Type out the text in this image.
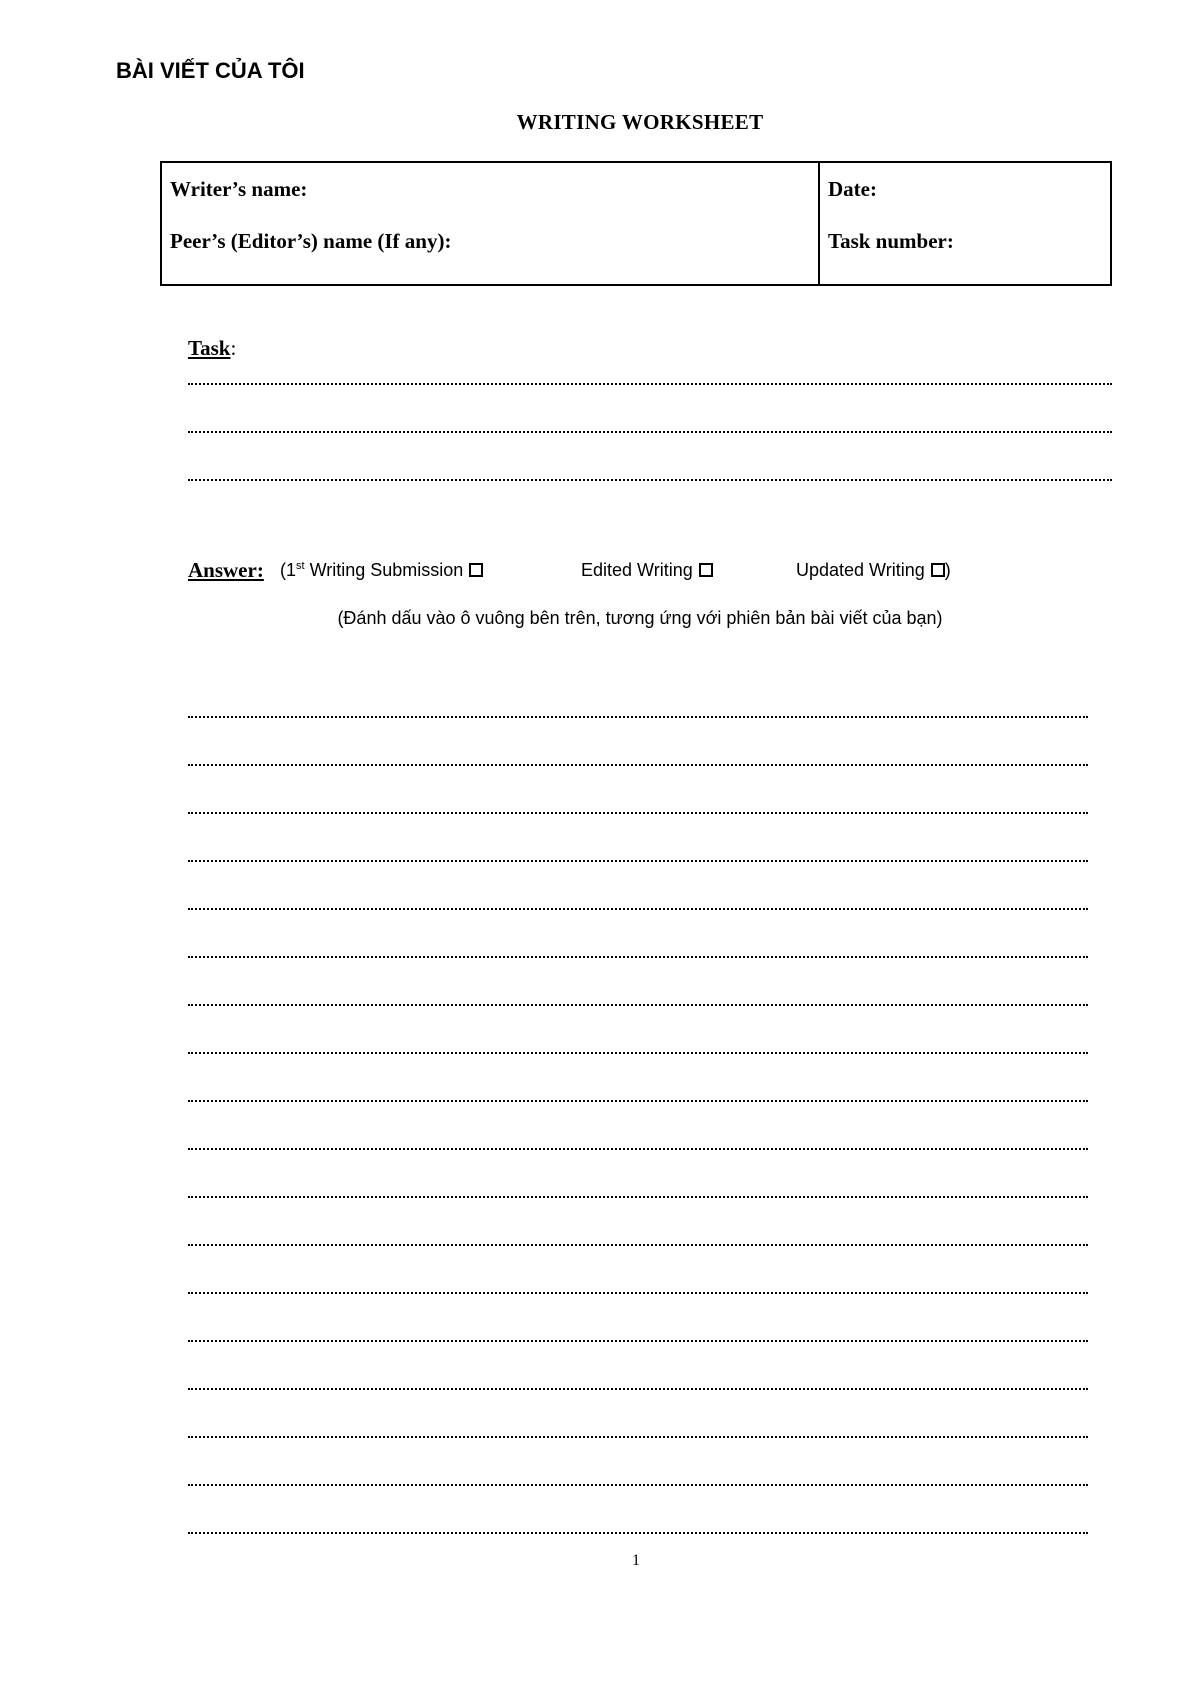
BÀI VIẾT CỦA TÔI
WRITING WORKSHEET
Writer’s name:
Peer’s (Editor’s) name (If any):
Date:
Task number:
Task:
Answer: (1st Writing Submission	Edited Writing	Updated Writing )
(Đánh dấu vào ô vuông bên trên, tương ứng với phiên bản bài viết của bạn)
1
